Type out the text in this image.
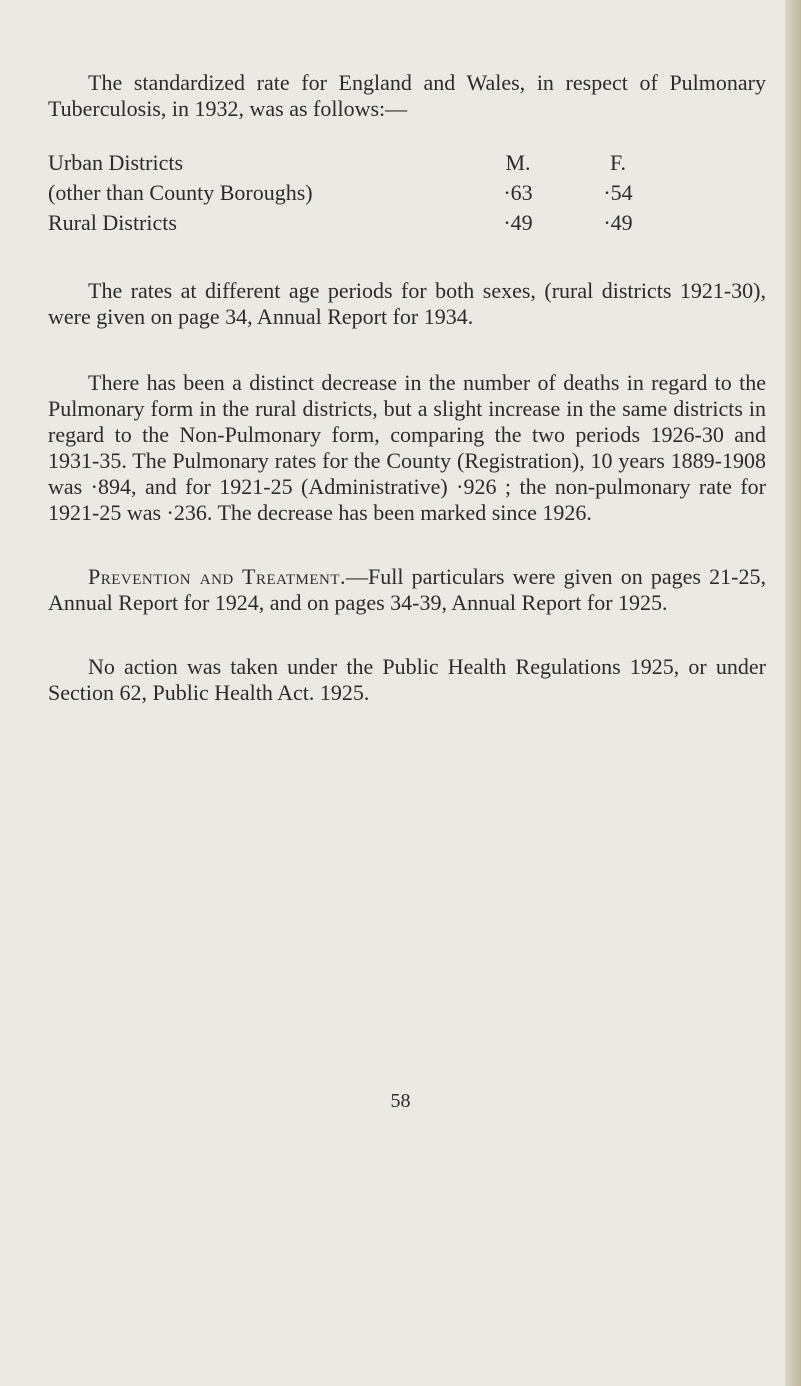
The standardized rate for England and Wales, in respect of Pulmonary Tuberculosis, in 1932, was as follows:—

Urban Districts	M.	F.
(other than County Boroughs)	·63	·54
Rural Districts	·49	·49

The rates at different age periods for both sexes, (rural districts 1921-30), were given on page 34, Annual Report for 1934.

There has been a distinct decrease in the number of deaths in regard to the Pulmonary form in the rural districts, but a slight increase in the same districts in regard to the Non-Pulmonary form, comparing the two periods 1926-30 and 1931-35. The Pulmonary rates for the County (Registration), 10 years 1889-1908 was ·894, and for 1921-25 (Administrative) ·926 ; the non-pulmonary rate for 1921-25 was ·236. The decrease has been marked since 1926.

Prevention and Treatment.—Full particulars were given on pages 21-25, Annual Report for 1924, and on pages 34-39, Annual Report for 1925.

No action was taken under the Public Health Regulations 1925, or under Section 62, Public Health Act. 1925.

58
